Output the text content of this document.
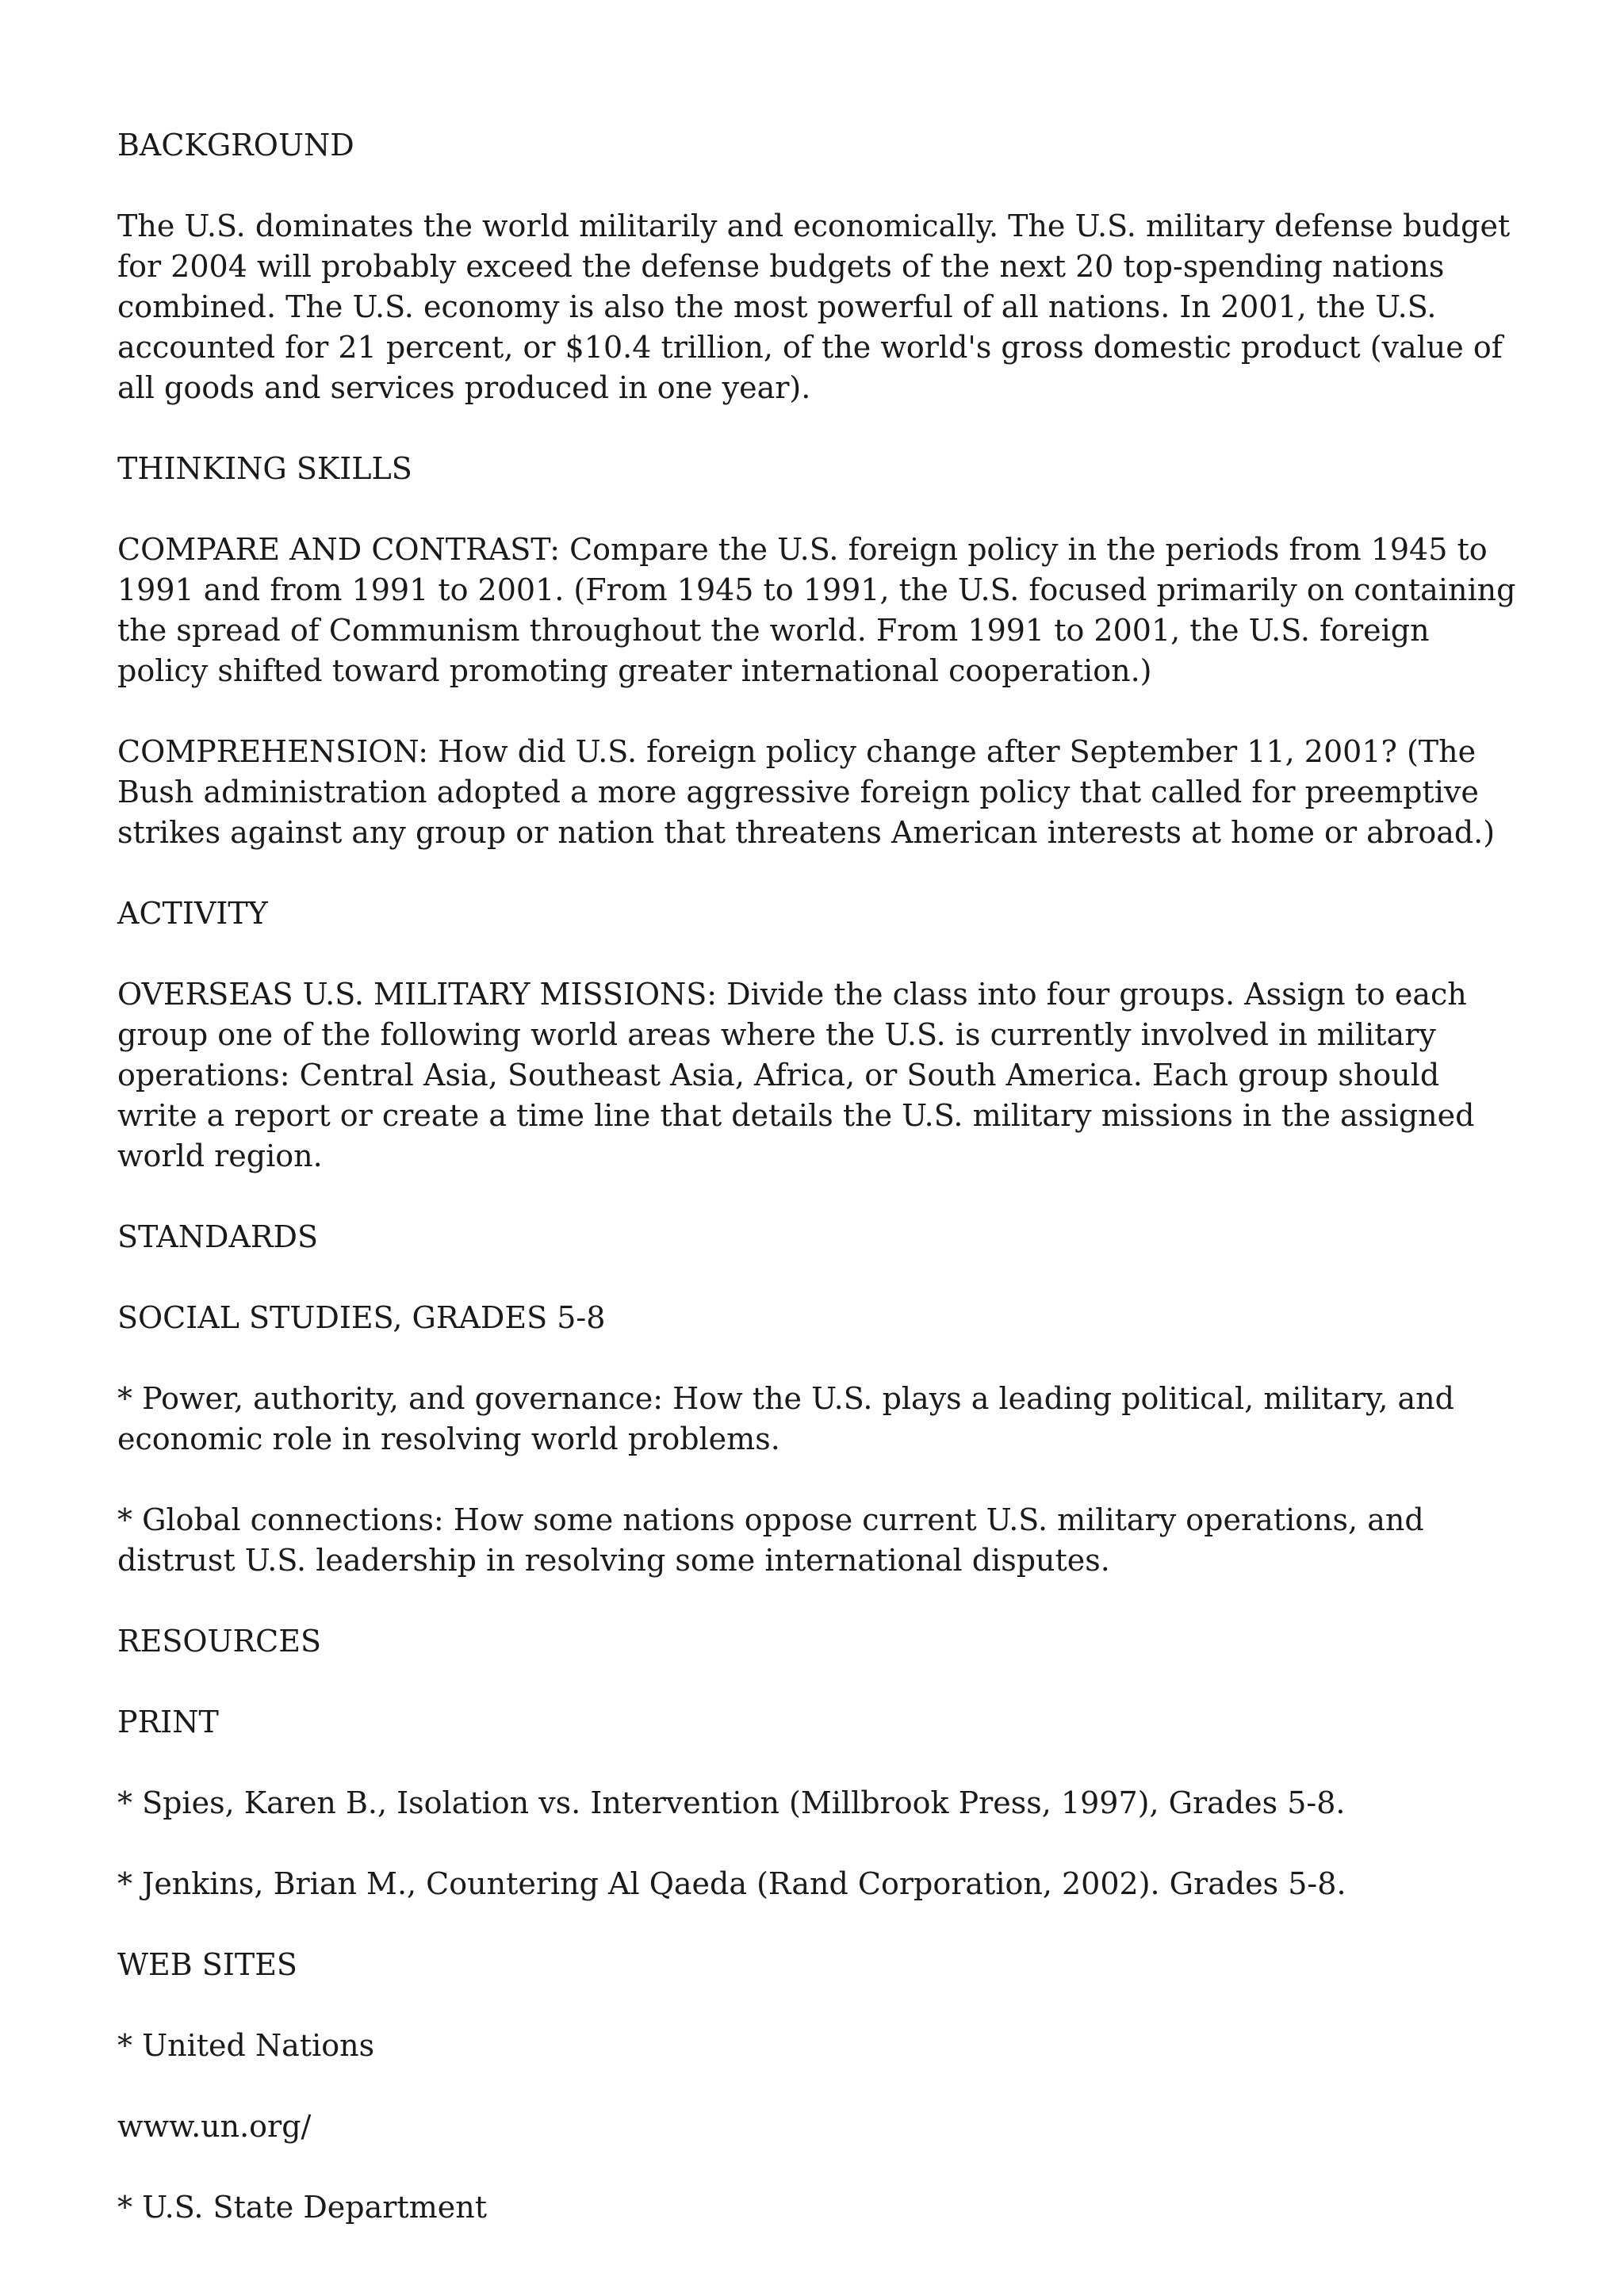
BACKGROUND

The U.S. dominates the world militarily and economically. The U.S. military defense budget for 2004 will probably exceed the defense budgets of the next 20 top-spending nations combined. The U.S. economy is also the most powerful of all nations. In 2001, the U.S. accounted for 21 percent, or $10.4 trillion, of the world's gross domestic product (value of all goods and services produced in one year).

THINKING SKILLS

COMPARE AND CONTRAST: Compare the U.S. foreign policy in the periods from 1945 to 1991 and from 1991 to 2001. (From 1945 to 1991, the U.S. focused primarily on containing the spread of Communism throughout the world. From 1991 to 2001, the U.S. foreign policy shifted toward promoting greater international cooperation.)

COMPREHENSION: How did U.S. foreign policy change after September 11, 2001? (The Bush administration adopted a more aggressive foreign policy that called for preemptive strikes against any group or nation that threatens American interests at home or abroad.)

ACTIVITY

OVERSEAS U.S. MILITARY MISSIONS: Divide the class into four groups. Assign to each group one of the following world areas where the U.S. is currently involved in military operations: Central Asia, Southeast Asia, Africa, or South America. Each group should write a report or create a time line that details the U.S. military missions in the assigned world region.

STANDARDS

SOCIAL STUDIES, GRADES 5-8

* Power, authority, and governance: How the U.S. plays a leading political, military, and economic role in resolving world problems.

* Global connections: How some nations oppose current U.S. military operations, and distrust U.S. leadership in resolving some international disputes.

RESOURCES

PRINT

* Spies, Karen B., Isolation vs. Intervention (Millbrook Press, 1997), Grades 5-8.

* Jenkins, Brian M., Countering Al Qaeda (Rand Corporation, 2002). Grades 5-8.

WEB SITES

* United Nations

www.un.org/

* U.S. State Department
